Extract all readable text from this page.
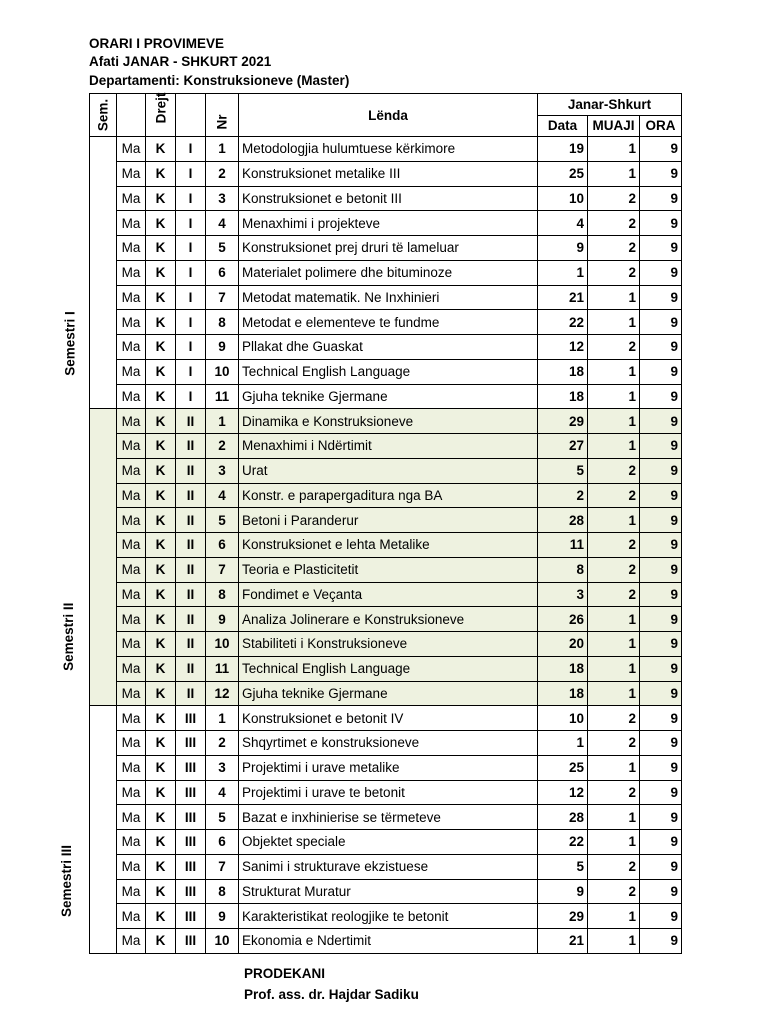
ORARI I PROVIMEVE
Afati JANAR - SHKURT 2021
Departamenti: Konstruksioneve (Master)
Sem.		Drejt		Nr	Lënda	Janar-Shkurt		
						Data	MUAJI	ORA

Semestri I	Ma	K	I	1	Metodologjia hulumtuese kërkimore	19	1	9
	Ma	K	I	2	Konstruksionet metalike III	25	1	9
	Ma	K	I	3	Konstruksionet e betonit III	10	2	9
	Ma	K	I	4	Menaxhimi i projekteve	4	2	9
	Ma	K	I	5	Konstruksionet prej druri të lameluar	9	2	9
	Ma	K	I	6	Materialet polimere dhe bituminoze	1	2	9
	Ma	K	I	7	Metodat matematik. Ne Inxhinieri	21	1	9
	Ma	K	I	8	Metodat e elementeve te fundme	22	1	9
	Ma	K	I	9	Pllakat dhe Guaskat	12	2	9
	Ma	K	I	10	Technical English Language	18	1	9
	Ma	K	I	11	Gjuha teknike Gjermane	18	1	9

Semestri II	Ma	K	II	1	Dinamika e Konstruksioneve	29	1	9
	Ma	K	II	2	Menaxhimi i Ndërtimit	27	1	9
	Ma	K	II	3	Urat	5	2	9
	Ma	K	II	4	Konstr. e parapergaditura nga BA	2	2	9
	Ma	K	II	5	Betoni i Paranderur	28	1	9
	Ma	K	II	6	Konstruksionet e lehta Metalike	11	2	9
	Ma	K	II	7	Teoria e Plasticitetit	8	2	9
	Ma	K	II	8	Fondimet e Veçanta	3	2	9
	Ma	K	II	9	Analiza Jolinerare e Konstruksioneve	26	1	9
	Ma	K	II	10	Stabiliteti i Konstruksioneve	20	1	9
	Ma	K	II	11	Technical English Language	18	1	9
	Ma	K	II	12	Gjuha teknike Gjermane	18	1	9

Semestri III	Ma	K	III	1	Konstruksionet e betonit IV	10	2	9
	Ma	K	III	2	Shqyrtimet e konstruksioneve	1	2	9
	Ma	K	III	3	Projektimi i urave metalike	25	1	9
	Ma	K	III	4	Projektimi i urave te betonit	12	2	9
	Ma	K	III	5	Bazat e inxhinierise se tërmeteve	28	1	9
	Ma	K	III	6	Objektet speciale	22	1	9
	Ma	K	III	7	Sanimi i strukturave ekzistuese	5	2	9
	Ma	K	III	8	Strukturat Muratur	9	2	9
	Ma	K	III	9	Karakteristikat reologjike te betonit	29	1	9
	Ma	K	III	10	Ekonomia e Ndertimit	21	1	9
PRODEKANI
Prof. ass. dr. Hajdar Sadiku
